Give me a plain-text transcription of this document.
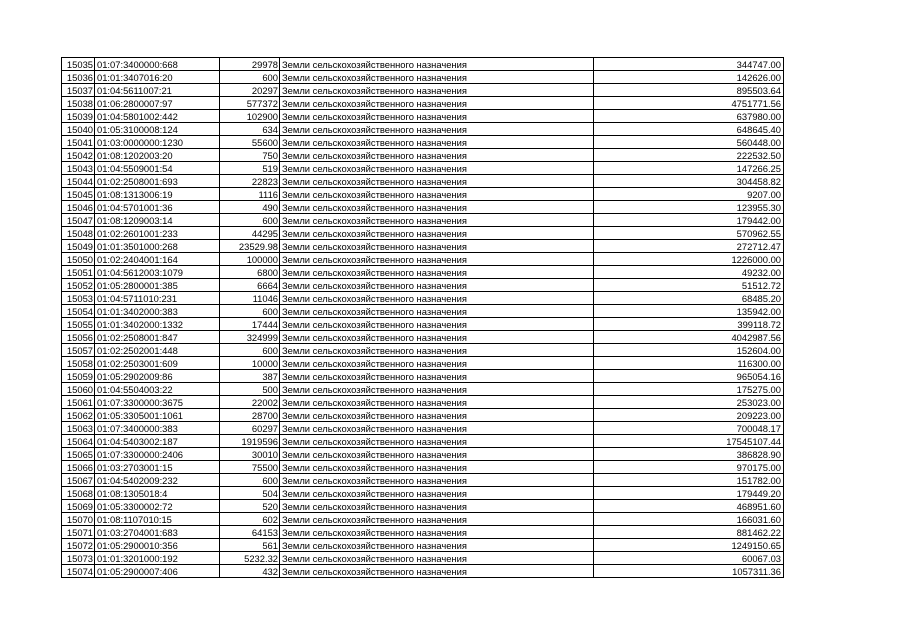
15035	01:07:3400000:668	29978	Земли сельскохозяйственного назначения	344747.00
15036	01:01:3407016:20	600	Земли сельскохозяйственного назначения	142626.00
15037	01:04:5611007:21	20297	Земли сельскохозяйственного назначения	895503.64
15038	01:06:2800007:97	577372	Земли сельскохозяйственного назначения	4751771.56
15039	01:04:5801002:442	102900	Земли сельскохозяйственного назначения	637980.00
15040	01:05:3100008:124	634	Земли сельскохозяйственного назначения	648645.40
15041	01:03:0000000:1230	55600	Земли сельскохозяйственного назначения	560448.00
15042	01:08:1202003:20	750	Земли сельскохозяйственного назначения	222532.50
15043	01:04:5509001:54	519	Земли сельскохозяйственного назначения	147266.25
15044	01:02:2508001:693	22823	Земли сельскохозяйственного назначения	304458.82
15045	01:08:1313006:19	1116	Земли сельскохозяйственного назначения	9207.00
15046	01:04:5701001:36	490	Земли сельскохозяйственного назначения	123955.30
15047	01:08:1209003:14	600	Земли сельскохозяйственного назначения	179442.00
15048	01:02:2601001:233	44295	Земли сельскохозяйственного назначения	570962.55
15049	01:01:3501000:268	23529.98	Земли сельскохозяйственного назначения	272712.47
15050	01:02:2404001:164	100000	Земли сельскохозяйственного назначения	1226000.00
15051	01:04:5612003:1079	6800	Земли сельскохозяйственного назначения	49232.00
15052	01:05:2800001:385	6664	Земли сельскохозяйственного назначения	51512.72
15053	01:04:5711010:231	11046	Земли сельскохозяйственного назначения	68485.20
15054	01:01:3402000:383	600	Земли сельскохозяйственного назначения	135942.00
15055	01:01:3402000:1332	17444	Земли сельскохозяйственного назначения	399118.72
15056	01:02:2508001:847	324999	Земли сельскохозяйственного назначения	4042987.56
15057	01:02:2502001:448	600	Земли сельскохозяйственного назначения	152604.00
15058	01:02:2503001:609	10000	Земли сельскохозяйственного назначения	116300.00
15059	01:05:2902009:86	387	Земли сельскохозяйственного назначения	965054.16
15060	01:04:5504003:22	500	Земли сельскохозяйственного назначения	175275.00
15061	01:07:3300000:3675	22002	Земли сельскохозяйственного назначения	253023.00
15062	01:05:3305001:1061	28700	Земли сельскохозяйственного назначения	209223.00
15063	01:07:3400000:383	60297	Земли сельскохозяйственного назначения	700048.17
15064	01:04:5403002:187	1919596	Земли сельскохозяйственного назначения	17545107.44
15065	01:07:3300000:2406	30010	Земли сельскохозяйственного назначения	386828.90
15066	01:03:2703001:15	75500	Земли сельскохозяйственного назначения	970175.00
15067	01:04:5402009:232	600	Земли сельскохозяйственного назначения	151782.00
15068	01:08:1305018:4	504	Земли сельскохозяйственного назначения	179449.20
15069	01:05:3300002:72	520	Земли сельскохозяйственного назначения	468951.60
15070	01:08:1107010:15	602	Земли сельскохозяйственного назначения	166031.60
15071	01:03:2704001:683	64153	Земли сельскохозяйственного назначения	881462.22
15072	01:05:2900010:356	561	Земли сельскохозяйственного назначения	1249150.65
15073	01:01:3201000:192	5232.32	Земли сельскохозяйственного назначения	60067.03
15074	01:05:2900007:406	432	Земли сельскохозяйственного назначения	1057311.36
